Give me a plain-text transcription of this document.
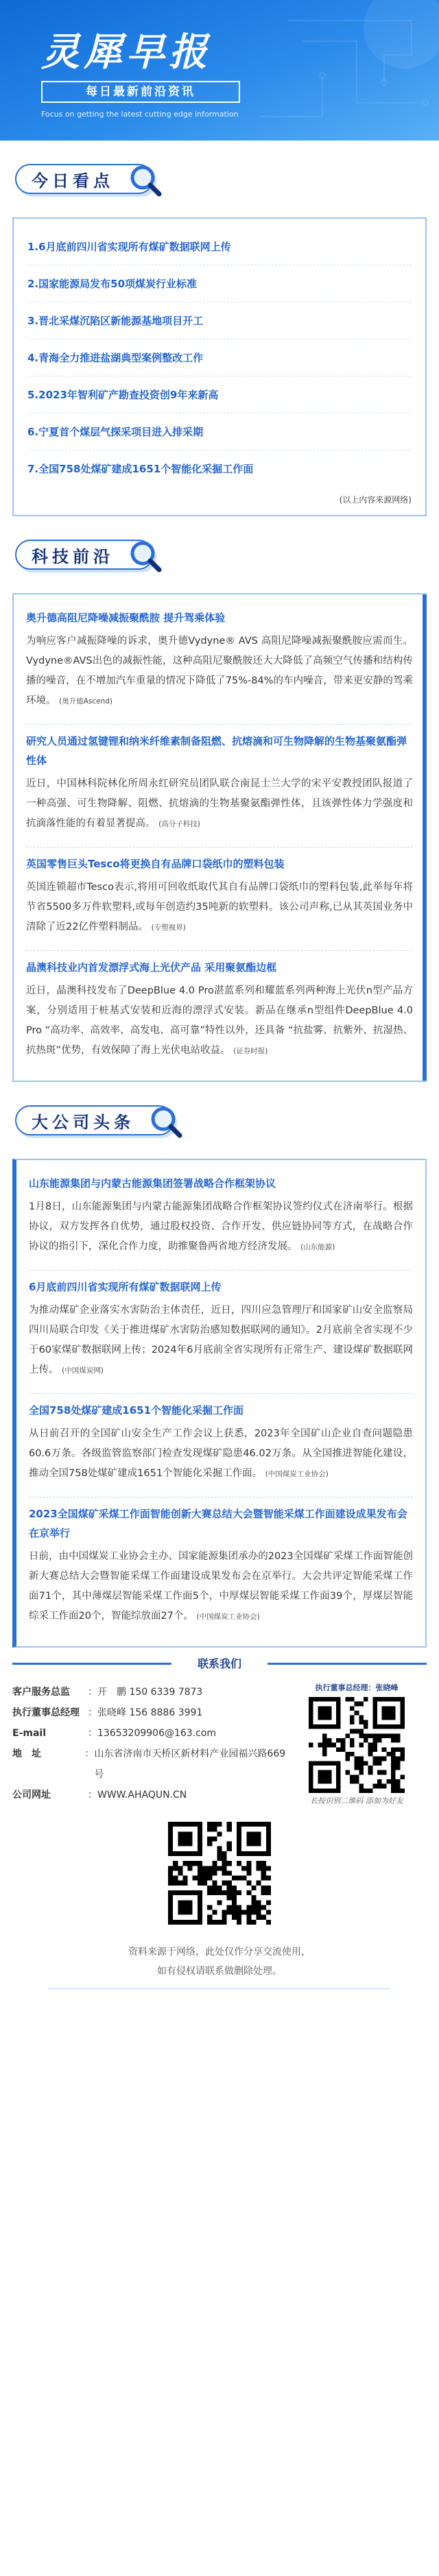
灵犀早报
每日最新前沿资讯
Focus on getting the latest cutting edge information
今日看点
1.6月底前四川省实现所有煤矿数据联网上传
2.国家能源局发布50项煤炭行业标准
3.晋北采煤沉陷区新能源基地项目开工
4.青海全力推进盐湖典型案例整改工作
5.2023年智利矿产勘查投资创9年来新高
6.宁夏首个煤层气探采项目进入排采期
7.全国758处煤矿建成1651个智能化采掘工作面
(以上内容来源网络)
科技前沿
奥升德高阻尼降噪减振聚酰胺 提升驾乘体验
为响应客户减振降噪的诉求，奥升德Vydyne® AVS 高阻尼降噪减振聚酰胺应需而生。Vydyne®AVS出色的减振性能，这种高阻尼聚酰胺还大大降低了高频空气传播和结构传播的噪音，在不增加汽车重量的情况下降低了75%-84%的车内噪音，带来更安静的驾乘环境。 (奥升德Ascend)
研究人员通过氢键锂和纳米纤维素制备阻燃、抗熔滴和可生物降解的生物基聚氨酯弹性体
近日，中国林科院林化所周永红研究员团队联合南昆士兰大学的宋平安教授团队报道了一种高强、可生物降解、阻燃、抗熔滴的生物基聚氨酯弹性体，且该弹性体力学强度和抗滴落性能的有着显著提高。 (高分子科技)
英国零售巨头Tesco将更换自有品牌口袋纸巾的塑料包装
英国连锁超市Tesco表示,将用可回收纸取代其自有品牌口袋纸巾的塑料包装,此举每年将节省5500多万件软塑料,或每年创造约35吨新的软塑料。该公司声称,已从其英国业务中清除了近22亿件塑料制品。 (专塑视界)
晶澳科技业内首发漂浮式海上光伏产品 采用聚氨酯边框
近日，晶澳科技发布了DeepBlue 4.0 Pro湛蓝系列和耀蓝系列两种海上光伏n型产品方案，分别适用于桩基式安装和近海的漂浮式安装。新品在继承n型组件DeepBlue 4.0 Pro “高功率、高效率、高发电、高可靠”特性以外，还具备 “抗盐雾、抗紫外、抗湿热、抗热斑”优势，有效保障了海上光伏电站收益。 (证券时报)
大公司头条
山东能源集团与内蒙古能源集团签署战略合作框架协议
1月8日，山东能源集团与内蒙古能源集团战略合作框架协议签约仪式在济南举行。根据协议，双方发挥各自优势，通过股权投资、合作开发、供应链协同等方式，在战略合作协议的指引下，深化合作力度，助推聚鲁两省地方经济发展。 (山东能源)
6月底前四川省实现所有煤矿数据联网上传
为推动煤矿企业落实水害防治主体责任，近日，四川应急管理厅和国家矿山安全监察局四川局联合印发《关于推进煤矿水害防治感知数据联网的通知》。2月底前全省实现不少于60家煤矿数据联网上传；2024年6月底前全省实现所有正常生产、建设煤矿数据联网上传。 (中国煤炭网)
全国758处煤矿建成1651个智能化采掘工作面
从日前召开的全国矿山安全生产工作会议上获悉，2023年全国矿山企业自查问题隐患60.6万条。各级监管监察部门检查发现煤矿隐患46.02万条。从全国推进智能化建设，推动全国758处煤矿建成1651个智能化采掘工作面。 (中国煤炭工业协会)
2023全国煤矿采煤工作面智能创新大赛总结大会暨智能采煤工作面建设成果发布会在京举行
日前，由中国煤炭工业协会主办、国家能源集团承办的2023全国煤矿采煤工作面智能创新大赛总结大会暨智能采煤工作面建设成果发布会在京举行。大会共评定智能采煤工作面71个，其中薄煤层智能采煤工作面5个，中厚煤层智能采煤工作面39个，厚煤层智能综采工作面20个，智能综放面27个。 (中国煤炭工业协会)
联系我们
客户服务总监	： 开　鹏 150 6339 7873
执行董事总经理 ： 张晓峰 156 8886 3991
E-mail	： 13653209906@163.com
地　址	： 山东省济南市天桥区新材料产业园福兴路669号
公司网址	： WWW.AHAQUN.CN
执行董事总经理：张晓峰
长按识别二维码 添加为好友
资料来源于网络，此处仅作分享交流使用，
如有侵权请联系做删除处理。
